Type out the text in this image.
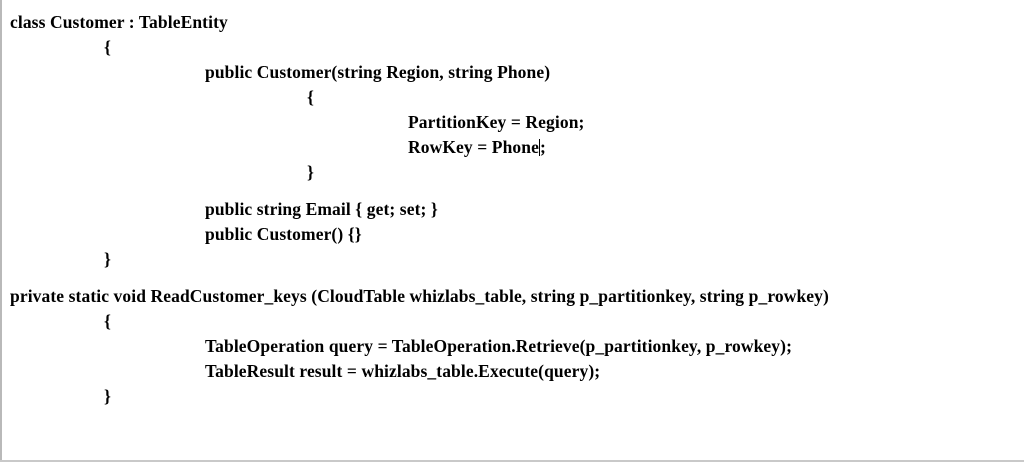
class Customer : TableEntity
{
public Customer(string Region, string Phone)
{
PartitionKey = Region;
RowKey = Phone;
}
public string Email { get; set; }
public Customer() {}
}
private static void ReadCustomer_keys (CloudTable whizlabs_table, string p_partitionkey, string p_rowkey)
{
TableOperation query = TableOperation.Retrieve(p_partitionkey, p_rowkey);
TableResult result = whizlabs_table.Execute(query);
}
